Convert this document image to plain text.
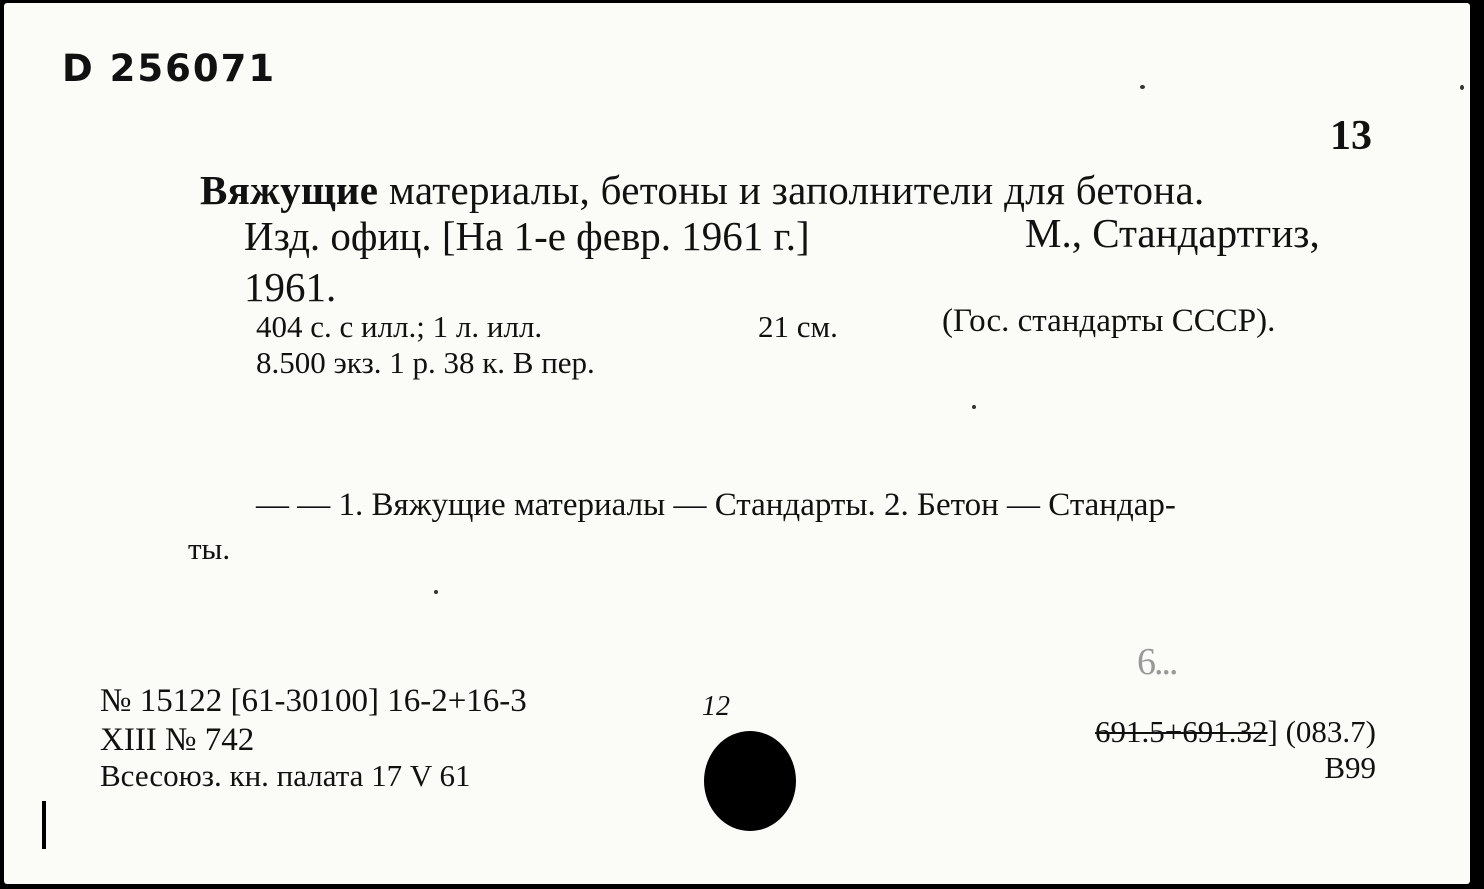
D 256071
13
Вяжущие материалы, бетоны и заполнители для бетона.
Изд. офиц. [На 1-е февр. 1961 г.]	М., Стандартгиз,
1961.
404 с. с илл.; 1 л. илл.	21 см.	(Гос. стандарты СССР).
8.500 экз. 1 р. 38 к. В пер.
— — 1. Вяжущие материалы — Стандарты. 2. Бетон — Стандар-
ты.
№ 15122 [61-30100] 16-2+16-3
XIII № 742
Всесоюз. кн. палата 17 V 61
6...
691.5+691.32] (083.7)
В99
12
